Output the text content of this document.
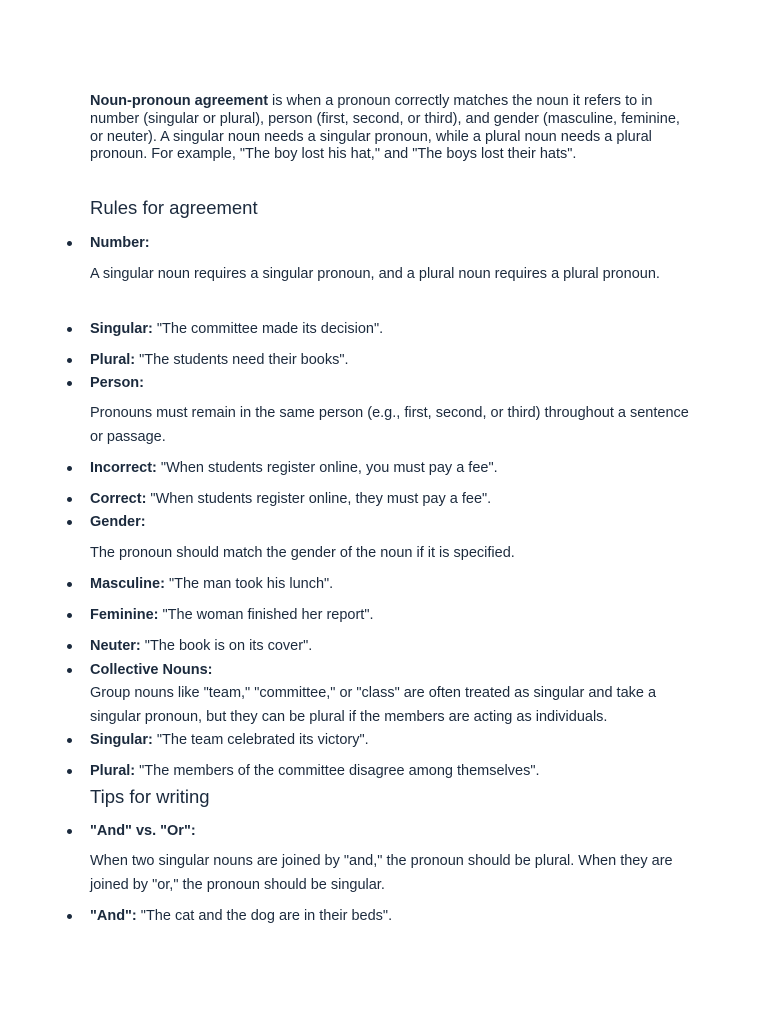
Noun-pronoun agreement is when a pronoun correctly matches the noun it refers to in number (singular or plural), person (first, second, or third), and gender (masculine, feminine, or neuter). A singular noun needs a singular pronoun, while a plural noun needs a plural pronoun. For example, "The boy lost his hat," and "The boys lost their hats".

Rules for agreement
Number:

A singular noun requires a singular pronoun, and a plural noun requires a plural pronoun.

Singular: "The committee made its decision".
Plural: "The students need their books".
Person:

Pronouns must remain in the same person (e.g., first, second, or third) throughout a sentence or passage.

Incorrect: "When students register online, you must pay a fee".
Correct: "When students register online, they must pay a fee".
Gender:

The pronoun should match the gender of the noun if it is specified.

Masculine: "The man took his lunch".
Feminine: "The woman finished her report".
Neuter: "The book is on its cover".
Collective Nouns:

Group nouns like "team," "committee," or "class" are often treated as singular and take a singular pronoun, but they can be plural if the members are acting as individuals.

Singular: "The team celebrated its victory".
Plural: "The members of the committee disagree among themselves".
Tips for writing
"And" vs. "Or":

When two singular nouns are joined by "and," the pronoun should be plural. When they are joined by "or," the pronoun should be singular.

"And": "The cat and the dog are in their beds".
